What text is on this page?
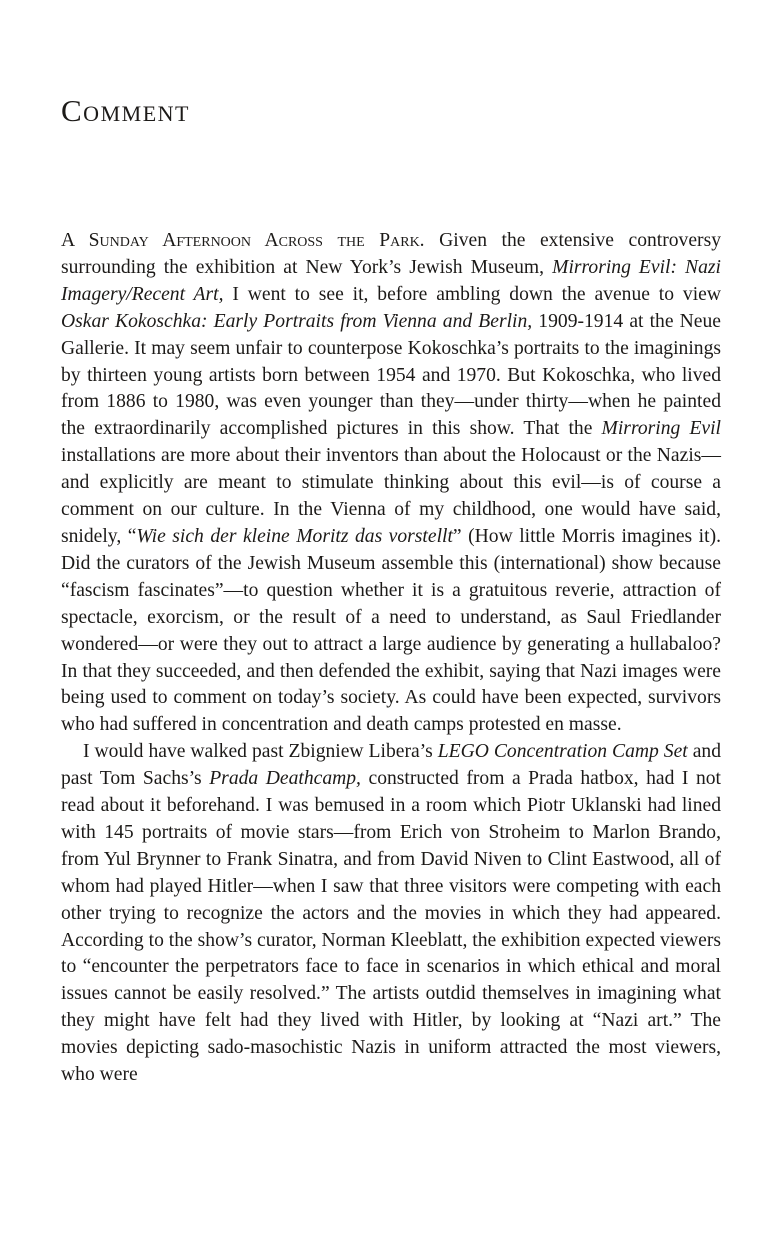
Comment

A Sunday Afternoon Across the Park. Given the extensive controversy surrounding the exhibition at New York’s Jewish Museum, Mirroring Evil: Nazi Imagery/Recent Art, I went to see it, before ambling down the avenue to view Oskar Kokoschka: Early Portraits from Vienna and Berlin, 1909-1914 at the Neue Gallerie. It may seem unfair to counterpose Kokoschka’s portraits to the imaginings by thirteen young artists born between 1954 and 1970. But Kokoschka, who lived from 1886 to 1980, was even younger than they—under thirty—when he painted the extraordinarily accomplished pictures in this show. That the Mirroring Evil installations are more about their inventors than about the Holocaust or the Nazis—and explicitly are meant to stimulate thinking about this evil—is of course a comment on our culture. In the Vienna of my childhood, one would have said, snidely, “Wie sich der kleine Moritz das vorstellt” (How little Morris imagines it). Did the curators of the Jewish Museum assemble this (international) show because “fascism fascinates”—to question whether it is a gratuitous reverie, attraction of spectacle, exorcism, or the result of a need to understand, as Saul Friedlander wondered—or were they out to attract a large audience by generating a hullabaloo? In that they succeeded, and then defended the exhibit, saying that Nazi images were being used to comment on today’s society. As could have been expected, survivors who had suffered in concentration and death camps protested en masse.

I would have walked past Zbigniew Libera’s LEGO Concentration Camp Set and past Tom Sachs’s Prada Deathcamp, constructed from a Prada hatbox, had I not read about it beforehand. I was bemused in a room which Piotr Uklanski had lined with 145 portraits of movie stars—from Erich von Stroheim to Marlon Brando, from Yul Brynner to Frank Sinatra, and from David Niven to Clint Eastwood, all of whom had played Hitler—when I saw that three visitors were competing with each other trying to recognize the actors and the movies in which they had appeared. According to the show’s curator, Norman Kleeblatt, the exhibition expected viewers to “encounter the perpetrators face to face in scenarios in which ethical and moral issues cannot be easily resolved.” The artists outdid themselves in imagining what they might have felt had they lived with Hitler, by looking at “Nazi art.” The movies depicting sado-masochistic Nazis in uniform attracted the most viewers, who were
